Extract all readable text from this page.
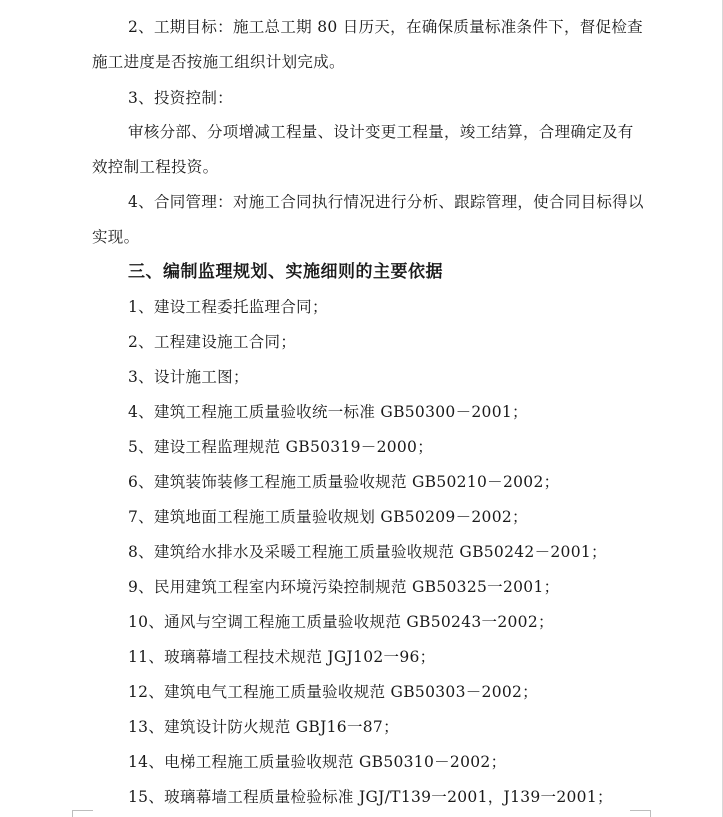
2、工期目标：施工总工期 80 日历天，在确保质量标准条件下，督促检查
施工进度是否按施工组织计划完成。
3、投资控制：
审核分部、分项增减工程量、设计变更工程量，竣工结算，合理确定及有
效控制工程投资。
4、合同管理：对施工合同执行情况进行分析、跟踪管理，使合同目标得以
实现。
三、编制监理规划、实施细则的主要依据
1、建设工程委托监理合同；
2、工程建设施工合同；
3、设计施工图；
4、建筑工程施工质量验收统一标准 GB50300－2001；
5、建设工程监理规范 GB50319－2000；
6、建筑装饰装修工程施工质量验收规范 GB50210－2002；
7、建筑地面工程施工质量验收规划 GB50209－2002；
8、建筑给水排水及采暖工程施工质量验收规范 GB50242－2001；
9、民用建筑工程室内环境污染控制规范 GB50325一2001；
10、通风与空调工程施工质量验收规范 GB50243一2002；
11、玻璃幕墙工程技术规范 JGJ102一96；
12、建筑电气工程施工质量验收规范 GB50303－2002；
13、建筑设计防火规范 GBJ16一87；
14、电梯工程施工质量验收规范 GB50310－2002；
15、玻璃幕墙工程质量检验标准 JGJ/T139一2001，J139一2001；
